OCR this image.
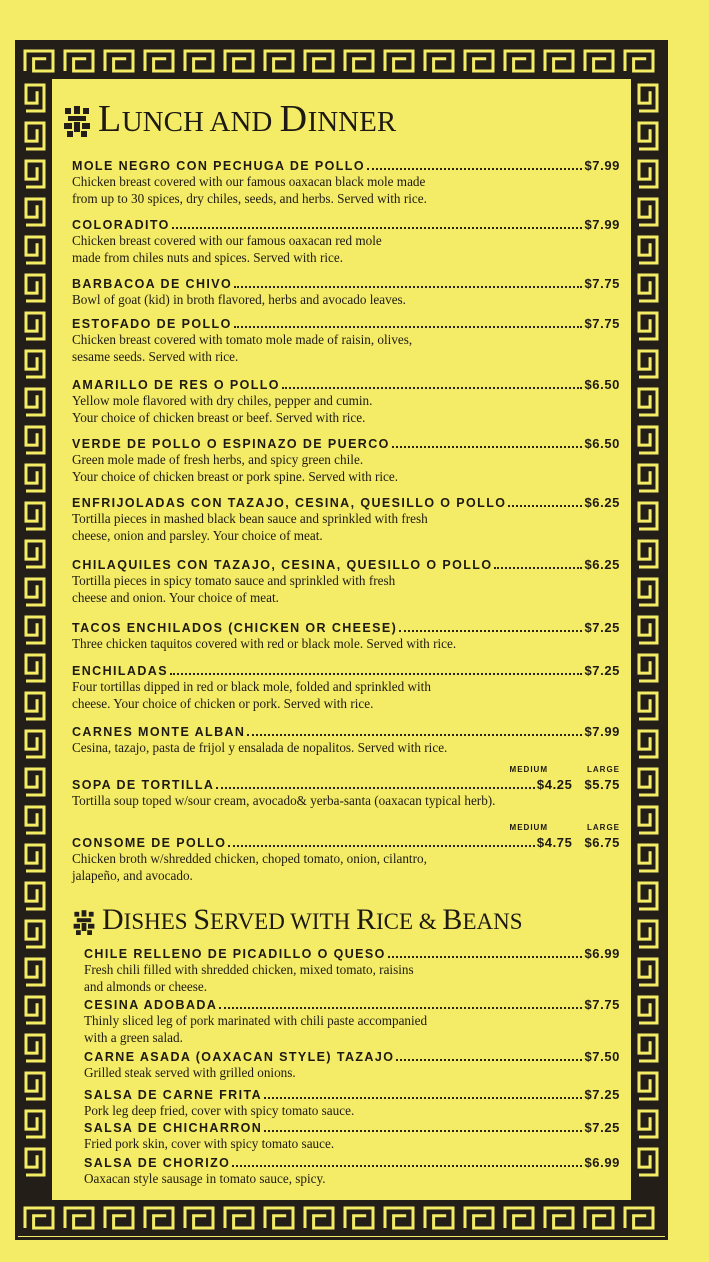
LUNCH AND DINNER
MOLE NEGRO CON PECHUGA DE POLLO	$7.99
Chicken breast covered with our famous oaxacan black mole made
from up to 30 spices, dry chiles, seeds, and herbs. Served with rice.
COLORADITO	$7.99
Chicken breast covered with our famous oaxacan red mole
made from chiles nuts and spices. Served with rice.
BARBACOA DE CHIVO	$7.75
Bowl of goat (kid) in broth flavored, herbs and avocado leaves.
ESTOFADO DE POLLO	$7.75
Chicken breast covered with tomato mole made of raisin, olives,
sesame seeds. Served with rice.
AMARILLO DE RES O POLLO	$6.50
Yellow mole flavored with dry chiles, pepper and cumin.
Your choice of chicken breast or beef. Served with rice.
VERDE DE POLLO O ESPINAZO DE PUERCO	$6.50
Green mole made of fresh herbs, and spicy green chile.
Your choice of chicken breast or pork spine. Served with rice.
ENFRIJOLADAS CON TAZAJO, CESINA, QUESILLO O POLLO	$6.25
Tortilla pieces in mashed black bean sauce and sprinkled with fresh
cheese, onion and parsley. Your choice of meat.
CHILAQUILES CON TAZAJO, CESINA, QUESILLO O POLLO	$6.25
Tortilla pieces in spicy tomato sauce and sprinkled with fresh
cheese and onion. Your choice of meat.
TACOS ENCHILADOS (CHICKEN OR CHEESE)	$7.25
Three chicken taquitos covered with red or black mole. Served with rice.
ENCHILADAS	$7.25
Four tortillas dipped in red or black mole, folded and sprinkled with
cheese. Your choice of chicken or pork. Served with rice.
CARNES MONTE ALBAN	$7.99
Cesina, tazajo, pasta de frijol y ensalada de nopalitos. Served with rice.
MEDIUM	LARGE
SOPA DE TORTILLA	$4.25 $5.75
Tortilla soup toped w/sour cream, avocado& yerba-santa (oaxacan typical herb).
MEDIUM	LARGE
CONSOME DE POLLO	$4.75 $6.75
Chicken broth w/shredded chicken, choped tomato, onion, cilantro,
jalapeño, and avocado.
DISHES SERVED WITH RICE & BEANS
CHILE RELLENO DE PICADILLO O QUESO	$6.99
Fresh chili filled with shredded chicken, mixed tomato, raisins
and almonds or cheese.
CESINA ADOBADA	$7.75
Thinly sliced leg of pork marinated with chili paste accompanied
with a green salad.
CARNE ASADA (OAXACAN STYLE) TAZAJO	$7.50
Grilled steak served with grilled onions.
SALSA DE CARNE FRITA	$7.25
Pork leg deep fried, cover with spicy tomato sauce.
SALSA DE CHICHARRON	$7.25
Fried pork skin, cover with spicy tomato sauce.
SALSA DE CHORIZO	$6.99
Oaxacan style sausage in tomato sauce, spicy.
